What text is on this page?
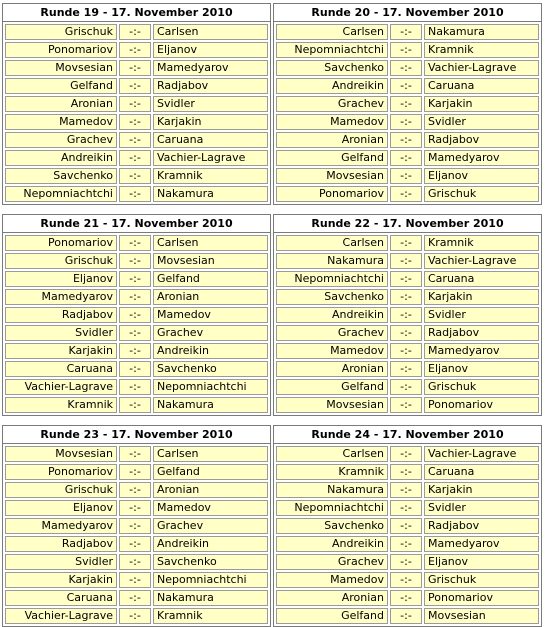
Runde 19 - 17. November 2010
Grischuk	-:-	Carlsen
Ponomariov	-:-	Eljanov
Movsesian	-:-	Mamedyarov
Gelfand	-:-	Radjabov
Aronian	-:-	Svidler
Mamedov	-:-	Karjakin
Grachev	-:-	Caruana
Andreikin	-:-	Vachier-Lagrave
Savchenko	-:-	Kramnik
Nepomniachtchi	-:-	Nakamura
Runde 20 - 17. November 2010
Carlsen	-:-	Nakamura
Nepomniachtchi	-:-	Kramnik
Savchenko	-:-	Vachier-Lagrave
Andreikin	-:-	Caruana
Grachev	-:-	Karjakin
Mamedov	-:-	Svidler
Aronian	-:-	Radjabov
Gelfand	-:-	Mamedyarov
Movsesian	-:-	Eljanov
Ponomariov	-:-	Grischuk
Runde 21 - 17. November 2010
Ponomariov	-:-	Carlsen
Grischuk	-:-	Movsesian
Eljanov	-:-	Gelfand
Mamedyarov	-:-	Aronian
Radjabov	-:-	Mamedov
Svidler	-:-	Grachev
Karjakin	-:-	Andreikin
Caruana	-:-	Savchenko
Vachier-Lagrave	-:-	Nepomniachtchi
Kramnik	-:-	Nakamura
Runde 22 - 17. November 2010
Carlsen	-:-	Kramnik
Nakamura	-:-	Vachier-Lagrave
Nepomniachtchi	-:-	Caruana
Savchenko	-:-	Karjakin
Andreikin	-:-	Svidler
Grachev	-:-	Radjabov
Mamedov	-:-	Mamedyarov
Aronian	-:-	Eljanov
Gelfand	-:-	Grischuk
Movsesian	-:-	Ponomariov
Runde 23 - 17. November 2010
Movsesian	-:-	Carlsen
Ponomariov	-:-	Gelfand
Grischuk	-:-	Aronian
Eljanov	-:-	Mamedov
Mamedyarov	-:-	Grachev
Radjabov	-:-	Andreikin
Svidler	-:-	Savchenko
Karjakin	-:-	Nepomniachtchi
Caruana	-:-	Nakamura
Vachier-Lagrave	-:-	Kramnik
Runde 24 - 17. November 2010
Carlsen	-:-	Vachier-Lagrave
Kramnik	-:-	Caruana
Nakamura	-:-	Karjakin
Nepomniachtchi	-:-	Svidler
Savchenko	-:-	Radjabov
Andreikin	-:-	Mamedyarov
Grachev	-:-	Eljanov
Mamedov	-:-	Grischuk
Aronian	-:-	Ponomariov
Gelfand	-:-	Movsesian
